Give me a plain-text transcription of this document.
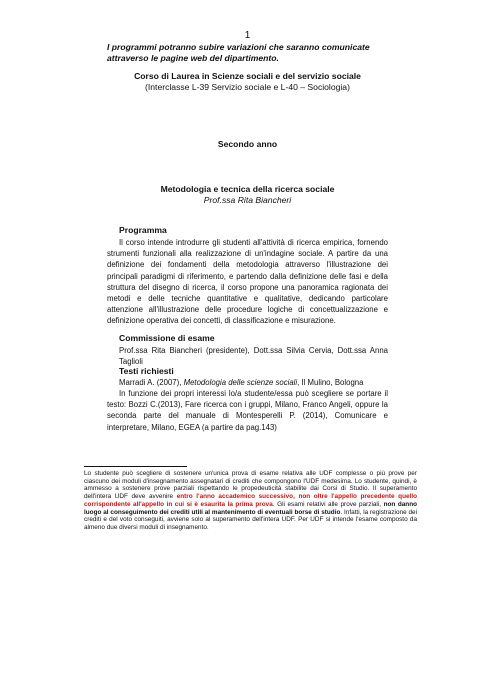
1
I programmi potranno subire variazioni che saranno comunicate attraverso le pagine web del dipartimento.
Corso di Laurea in Scienze sociali e del servizio sociale
(Interclasse L-39 Servizio sociale e L-40 – Sociologia)
Secondo anno
Metodologia e tecnica della ricerca sociale
Prof.ssa Rita Biancheri
Programma
Il corso intende introdurre gli studenti all'attività di ricerca empirica, fornendo strumenti funzionali alla realizzazione di un'indagine sociale. A partire da una definizione dei fondamenti della metodologia attraverso l'illustrazione dei principali paradigmi di riferimento, e partendo dalla definizione delle fasi e della struttura del disegno di ricerca, il corso propone una panoramica ragionata dei metodi e delle tecniche quantitative e qualitative, dedicando particolare attenzione all'illustrazione delle procedure logiche di concettualizzazione e definizione operativa dei concetti, di classificazione e misurazione.
Commissione di esame
Prof.ssa Rita Biancheri (presidente), Dott.ssa Silvia Cervia, Dott.ssa Anna Taglioli
Testi richiesti
Marradi A. (2007), Metodologia delle scienze sociali, Il Mulino, Bologna
In funzione dei propri interessi lo/a studente/essa può scegliere se portare il testo: Bozzi C.(2013), Fare ricerca con i gruppi, Milano, Franco Angeli, oppure la seconda parte del manuale di Montesperelli P. (2014), Comunicare e interpretare, Milano, EGEA (a partire da pag.143)
Lo studente può scegliere di sostenere un'unica prova di esame relativa alle UDF complesse o più prove per ciascuno dei moduli d'insegnamento assegnatari di crediti che compongono l'UDF medesima. Lo studente, quindi, è ammesso a sostenere prove parziali rispettando le propedeuticità stabilite dai Corsi di Studio. Il superamento dell'intera UDF deve avvenire entro l'anno accademico successivo, non oltre l'appello precedente quello corrispondente all'appello in cui si è esaurita la prima prova. Gli esami relativi alle prove parziali, non danno luogo al conseguimento dei crediti utili al mantenimento di eventuali borse di studio. Infatti, la registrazione dei crediti e del voto conseguiti, avviene solo al superamento dell'intera UDF. Per UDF si intende l'esame composto da almeno due diversi moduli di insegnamento.
